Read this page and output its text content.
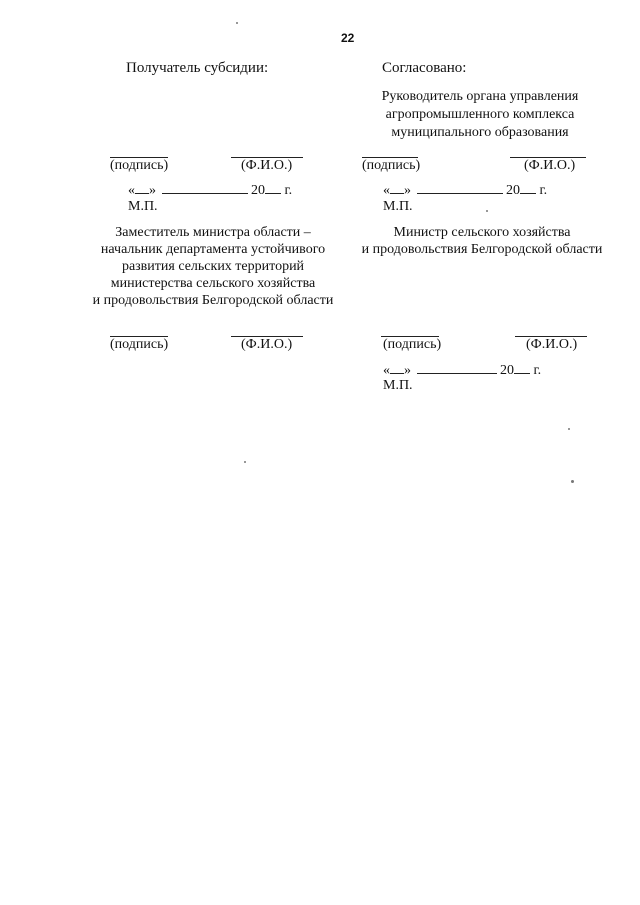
22
Получатель субсидии:	Согласовано:
Руководитель органа управления
агропромышленного комплекса
муниципального образования
(подпись)	(Ф.И.О.)	(подпись)	(Ф.И.О.)
« »	20 г.
М.П.
« »	20 г.
М.П.
Заместитель министра области –
начальник департамента устойчивого
развития сельских территорий
министерства сельского хозяйства
и продовольствия Белгородской области
Министр сельского хозяйства
и продовольствия Белгородской области
(подпись)	(Ф.И.О.)	(подпись)	(Ф.И.О.)
« »	20 г.
М.П.
